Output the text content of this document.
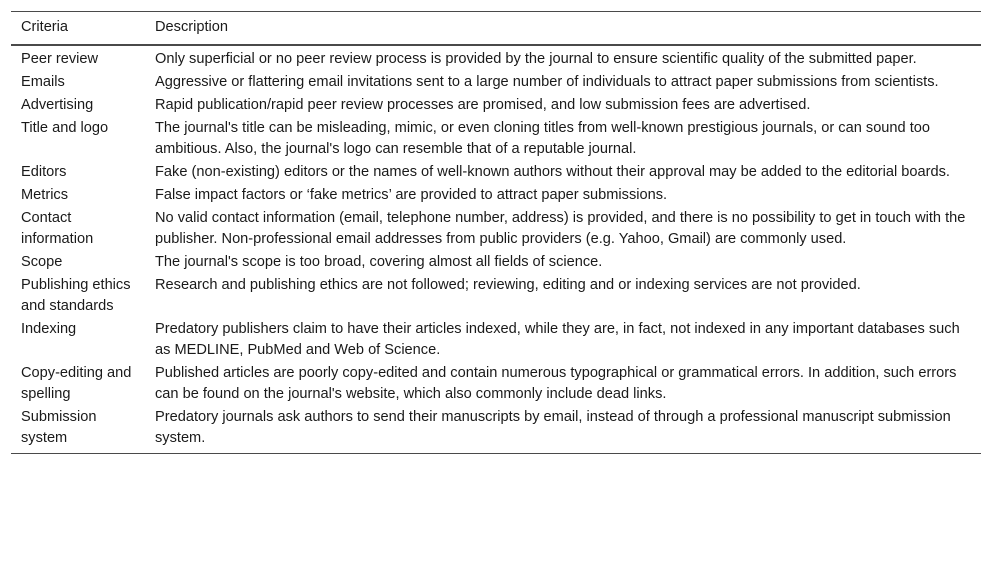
Criteria	Description
Peer review	Only superficial or no peer review process is provided by the journal to ensure scientific quality of the submitted paper.
Emails	Aggressive or flattering email invitations sent to a large number of individuals to attract paper submissions from scientists.
Advertising	Rapid publication/rapid peer review processes are promised, and low submission fees are advertised.
Title and logo	The journal's title can be misleading, mimic, or even cloning titles from well-known prestigious journals, or can sound too ambitious. Also, the journal's logo can resemble that of a reputable journal.
Editors	Fake (non-existing) editors or the names of well-known authors without their approval may be added to the editorial boards.
Metrics	False impact factors or ‘fake metrics’ are provided to attract paper submissions.
Contact information	No valid contact information (email, telephone number, address) is provided, and there is no possibility to get in touch with the publisher. Non-professional email addresses from public providers (e.g. Yahoo, Gmail) are commonly used.
Scope	The journal's scope is too broad, covering almost all fields of science.
Publishing ethics and standards	Research and publishing ethics are not followed; reviewing, editing and or indexing services are not provided.
Indexing	Predatory publishers claim to have their articles indexed, while they are, in fact, not indexed in any important databases such as MEDLINE, PubMed and Web of Science.
Copy-editing and spelling	Published articles are poorly copy-edited and contain numerous typographical or grammatical errors. In addition, such errors can be found on the journal's website, which also commonly include dead links.
Submission system	Predatory journals ask authors to send their manuscripts by email, instead of through a professional manuscript submission system.
